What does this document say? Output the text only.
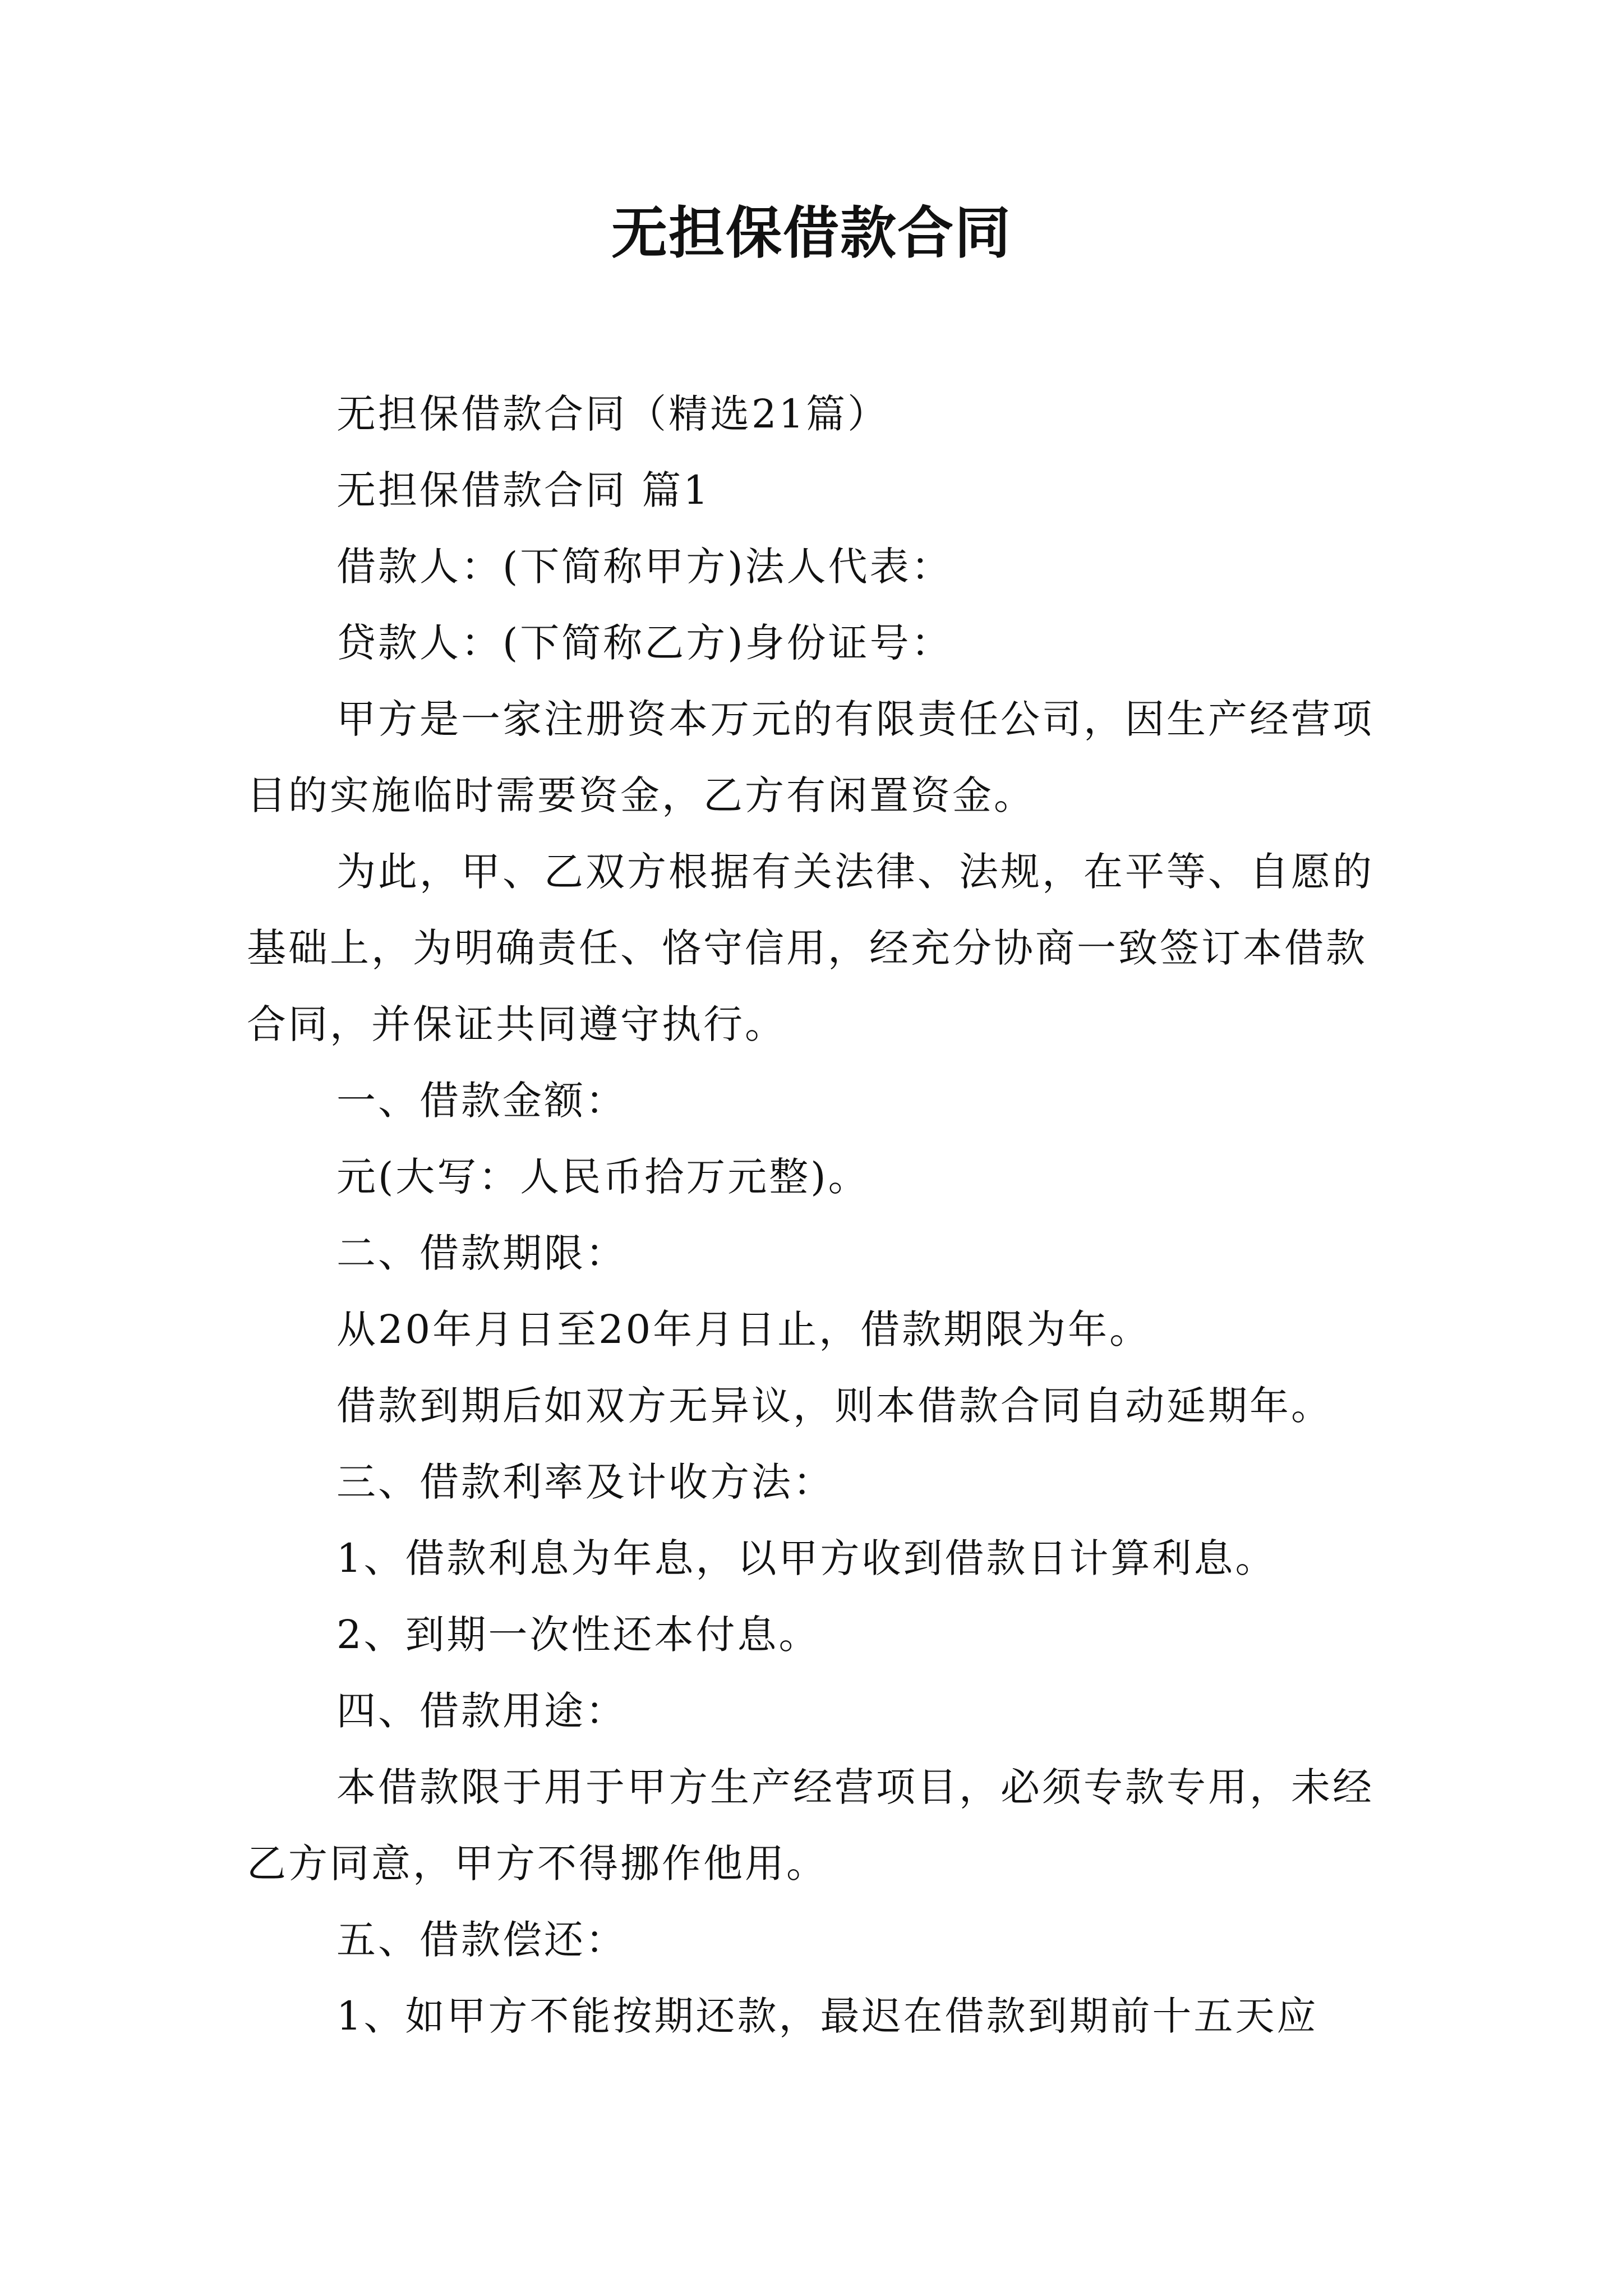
无担保借款合同

无担保借款合同（精选21篇）

无担保借款合同 篇1

借款人：(下简称甲方)法人代表：

贷款人：(下简称乙方)身份证号：

甲方是一家注册资本万元的有限责任公司，因生产经营项目的实施临时需要资金，乙方有闲置资金。

为此，甲、乙双方根据有关法律、法规，在平等、自愿的基础上，为明确责任、恪守信用，经充分协商一致签订本借款合同，并保证共同遵守执行。

一、借款金额：

元(大写：人民币拾万元整)。

二、借款期限：

从20年月日至20年月日止，借款期限为年。

借款到期后如双方无异议，则本借款合同自动延期年。

三、借款利率及计收方法：

1、借款利息为年息，以甲方收到借款日计算利息。

2、到期一次性还本付息。

四、借款用途：

本借款限于用于甲方生产经营项目，必须专款专用，未经乙方同意，甲方不得挪作他用。

五、借款偿还：

1、如甲方不能按期还款，最迟在借款到期前十五天应
